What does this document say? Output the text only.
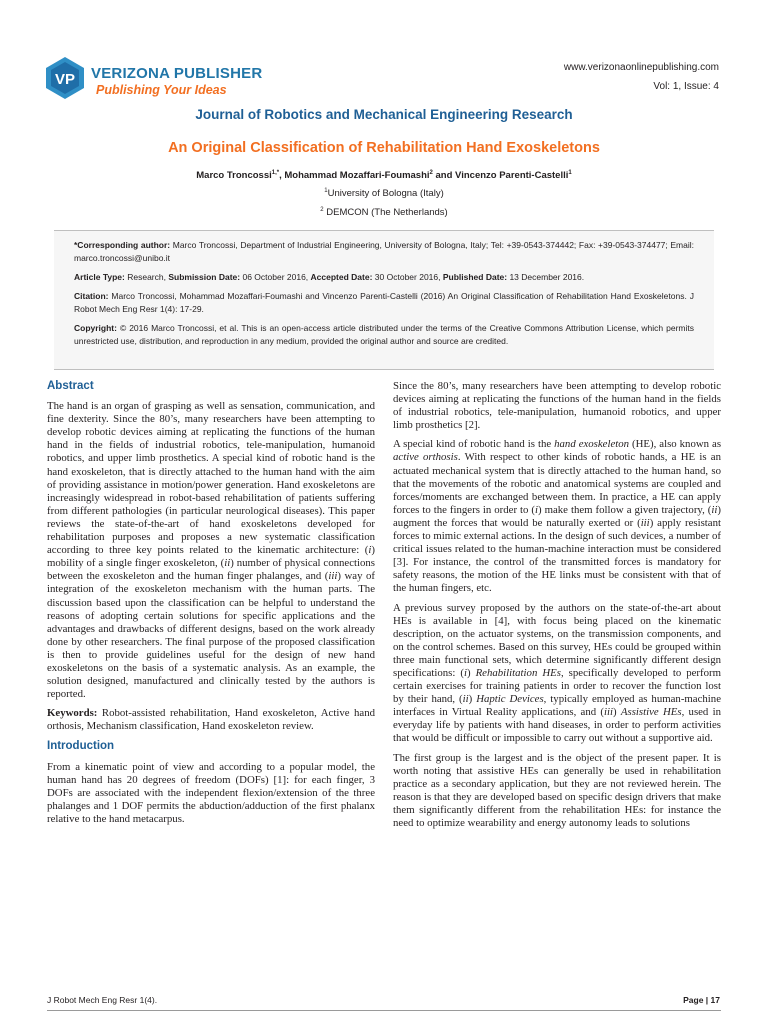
VP VERIZONA PUBLISHER
Publishing Your Ideas
www.verizonaonlinepublishing.com
Vol: 1, Issue: 4
Journal of Robotics and Mechanical Engineering Research
An Original Classification of Rehabilitation Hand Exoskeletons
Marco Troncossi$^{1,*}$, Mohammad Mozaffari-Foumashi$^2$ and Vincenzo Parenti-Castelli$^1$
$^1$University of Bologna (Italy)
$^2$ DEMCON (The Netherlands)

*Corresponding author: Marco Troncossi, Department of Industrial Engineering, University of Bologna, Italy; Tel: +39-0543-374442; Fax: +39-0543-374477; Email: marco.troncossi@unibo.it

Article Type: Research, Submission Date: 06 October 2016, Accepted Date: 30 October 2016, Published Date: 13 December 2016.

Citation: Marco Troncossi, Mohammad Mozaffari-Foumashi and Vincenzo Parenti-Castelli (2016) An Original Classification of Rehabilitation Hand Exoskeletons. J Robot Mech Eng Resr 1(4): 17-29.

Copyright: © 2016 Marco Troncossi, et al. This is an open-access article distributed under the terms of the Creative Commons Attribution License, which permits unrestricted use, distribution, and reproduction in any medium, provided the original author and source are credited.

Abstract

The hand is an organ of grasping as well as sensation, communication, and fine dexterity. Since the 80’s, many researchers have been attempting to develop robotic devices aiming at replicating the functions of the human hand in the fields of industrial robotics, tele-manipulation, humanoid robotics, and upper limb prosthetics. A special kind of robotic hand is the hand exoskeleton, that is directly attached to the human hand with the aim of providing assistance in motion/power generation. Hand exoskeletons are increasingly widespread in robot-based rehabilitation of patients suffering from different pathologies (in particular neurological diseases). This paper reviews the state-of-the-art of hand exoskeletons developed for rehabilitation purposes and proposes a new systematic classification according to three key points related to the kinematic architecture: (i) mobility of a single finger exoskeleton, (ii) number of physical connections between the exoskeleton and the human finger phalanges, and (iii) way of integration of the exoskeleton mechanism with the human parts. The discussion based upon the classification can be helpful to understand the reasons of adopting certain solutions for specific applications and the advantages and drawbacks of different designs, based on the work already done by other researchers. The final purpose of the proposed classification is then to provide guidelines useful for the design of new hand exoskeletons on the basis of a systematic analysis. As an example, the solution designed, manufactured and clinically tested by the authors is reported.

Keywords: Robot-assisted rehabilitation, Hand exoskeleton, Active hand orthosis, Mechanism classification, Hand exoskeleton review.

Introduction

From a kinematic point of view and according to a popular model, the human hand has 20 degrees of freedom (DOFs) [1]: for each finger, 3 DOFs are associated with the independent flexion/extension of the three phalanges and 1 DOF permits the abduction/adduction of the first phalanx relative to the hand metacarpus.

Since the 80’s, many researchers have been attempting to develop robotic devices aiming at replicating the functions of the human hand in the fields of industrial robotics, tele-manipulation, humanoid robotics, and upper limb prosthetics [2].

A special kind of robotic hand is the hand exoskeleton (HE), also known as active orthosis. With respect to other kinds of robotic hands, a HE is an actuated mechanical system that is directly attached to the human hand, so that the movements of the robotic and anatomical systems are coupled and forces/moments are exchanged between them. In practice, a HE can apply forces to the fingers in order to (i) make them follow a given trajectory, (ii) augment the forces that would be naturally exerted or (iii) apply resistant forces to mimic external actions. In the design of such devices, a number of critical issues related to the human-machine interaction must be considered [3]. For instance, the control of the transmitted forces is mandatory for safety reasons, the motion of the HE links must be consistent with that of the human fingers, etc.

A previous survey proposed by the authors on the state-of-the-art about HEs is available in [4], with focus being placed on the kinematic description, on the actuator systems, on the transmission components, and on the control schemes. Based on this survey, HEs could be grouped within three main functional sets, which determine significantly different design specifications: (i) Rehabilitation HEs, specifically developed to perform certain exercises for training patients in order to recover the function lost by their hand, (ii) Haptic Devices, typically employed as human-machine interfaces in Virtual Reality applications, and (iii) Assistive HEs, used in everyday life by patients with hand diseases, in order to perform activities that would be difficult or impossible to carry out without a supportive aid.

The first group is the largest and is the object of the present paper. It is worth noting that assistive HEs can generally be used in rehabilitation practice as a secondary application, but they are not reviewed herein. The reason is that they are developed based on specific design drivers that make them significantly different from the rehabilitation HEs: for instance the need to optimize wearability and energy autonomy leads to solutions

J Robot Mech Eng Resr 1(4).	Page | 17
